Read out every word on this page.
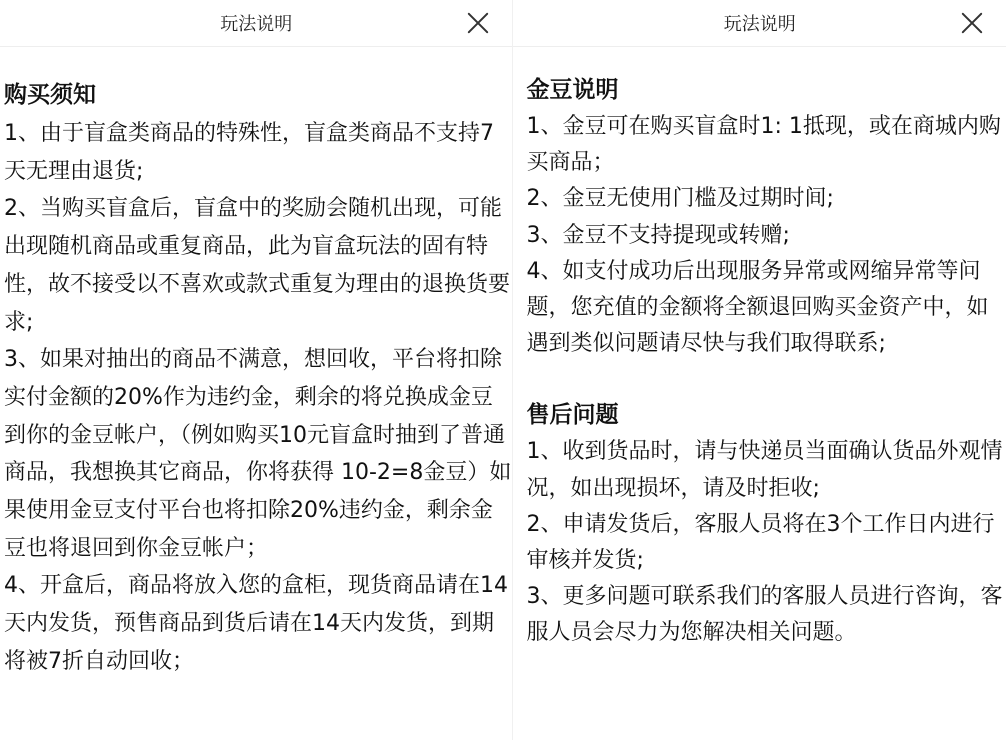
玩法说明

购买须知

1、由于盲盒类商品的特殊性，盲盒类商品不支持7天无理由退货;
2、当购买盲盒后，盲盒中的奖励会随机出现，可能出现随机商品或重复商品，此为盲盒玩法的固有特性，故不接受以不喜欢或款式重复为理由的退换货要求;
3、如果对抽出的商品不满意，想回收，平台将扣除实付金额的20%作为违约金，剩余的将兑换成金豆到你的金豆帐户，（例如购买10元盲盒时抽到了普通商品，我想换其它商品，你将获得 10-2=8金豆）如果使用金豆支付平台也将扣除20%违约金，剩余金豆也将退回到你金豆帐户；
4、开盒后，商品将放入您的盒柜，现货商品请在14天内发货，预售商品到货后请在14天内发货，到期将被7折自动回收；
玩法说明

金豆说明

1、金豆可在购买盲盒时1: 1抵现，或在商城内购买商品；
2、金豆无使用门槛及过期时间;
3、金豆不支持提现或转赠;
4、如支付成功后出现服务异常或网缩异常等问题，您充值的金额将全额退回购买金资产中，如遇到类似问题请尽快与我们取得联系;

售后问题

1、收到货品时，请与快递员当面确认货品外观情况，如出现损坏，请及时拒收;
2、申请发货后，客服人员将在3个工作日内进行审核并发货;
3、更多问题可联系我们的客服人员进行咨询，客服人员会尽力为您解决相关问题。
